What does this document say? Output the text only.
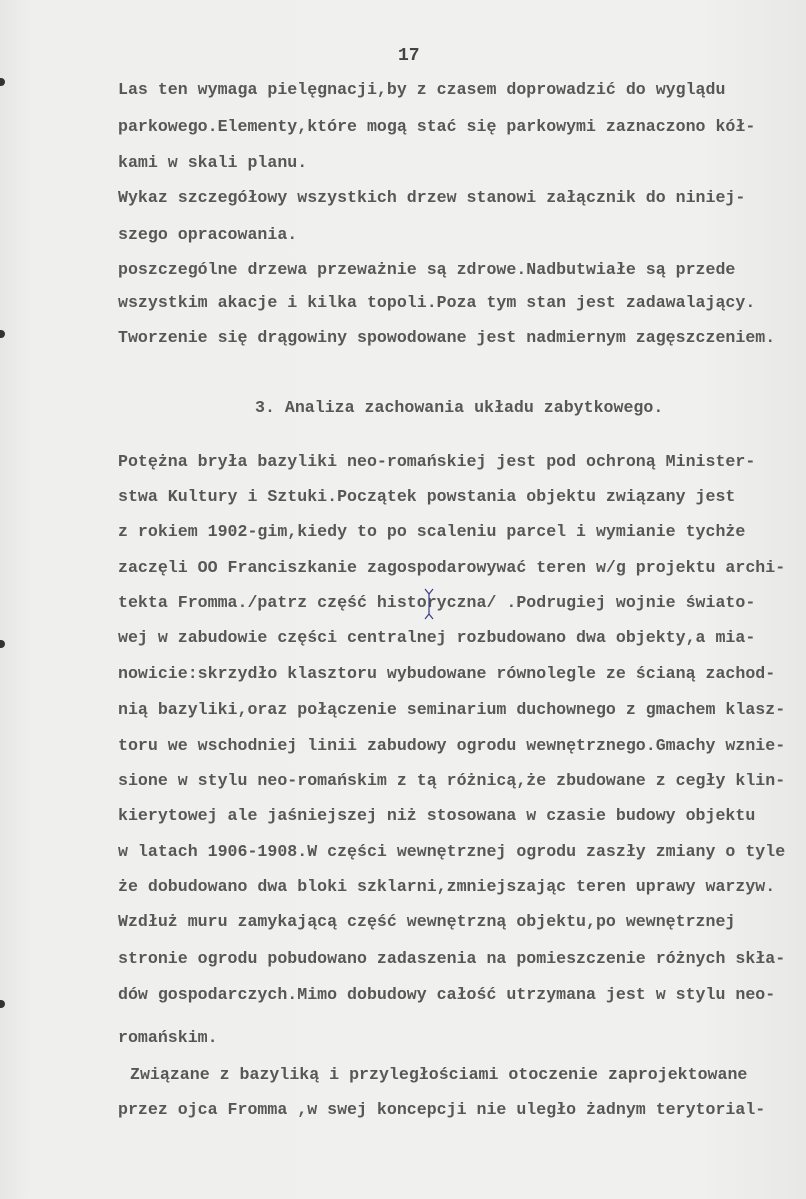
17
Las ten wymaga pielęgnacji,by z czasem doprowadzić do wyglądu
parkowego.Elementy,które mogą stać się parkowymi zaznaczono kół-
kami w skali planu.
Wykaz szczegółowy wszystkich drzew stanowi załącznik do niniej-
szego opracowania.
poszczególne drzewa przeważnie są zdrowe.Nadbutwiałe są przede
wszystkim akacje i kilka topoli.Poza tym stan jest zadawalający.
Tworzenie się drągowiny spowodowane jest nadmiernym zagęszczeniem.
3. Analiza zachowania układu zabytkowego.
Potężna bryła bazyliki neo-romańskiej jest pod ochroną Minister-
stwa Kultury i Sztuki.Początek powstania objektu związany jest
z rokiem 1902-gim,kiedy to po scaleniu parcel i wymianie tychże
zaczęli OO Franciszkanie zagospodarowywać teren w/g projektu archi-
tekta Fromma./patrz część historyczna/ .Podrugiej wojnie świato-
wej w zabudowie części centralnej rozbudowano dwa objekty,a mia-
nowicie:skrzydło klasztoru wybudowane równolegle ze ścianą zachod-
nią bazyliki,oraz połączenie seminarium duchownego z gmachem klasz-
toru we wschodniej linii zabudowy ogrodu wewnętrznego.Gmachy wznie-
sione w stylu neo-romańskim z tą różnicą,że zbudowane z cegły klin-
kierytowej ale jaśniejszej niż stosowana w czasie budowy objektu
w latach 1906-1908.W części wewnętrznej ogrodu zaszły zmiany o tyle
że dobudowano dwa bloki szklarni,zmniejszając teren uprawy warzyw.
Wzdłuż muru zamykającą część wewnętrzną objektu,po wewnętrznej
stronie ogrodu pobudowano zadaszenia na pomieszczenie różnych skła-
dów gospodarczych.Mimo dobudowy całość utrzymana jest w stylu neo-
romańskim.
Związane z bazyliką i przyległościami otoczenie zaprojektowane
przez ojca Fromma ,w swej koncepcji nie uległo żadnym terytorial-
